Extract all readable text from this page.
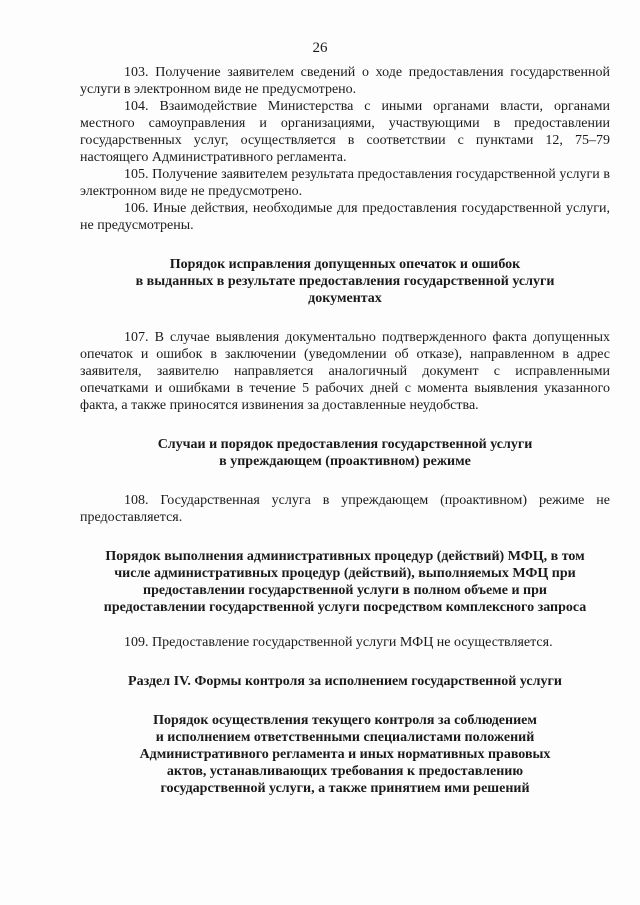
26

103. Получение заявителем сведений о ходе предоставления государственной услуги в электронном виде не предусмотрено.

104. Взаимодействие Министерства с иными органами власти, органами местного самоуправления и организациями, участвующими в предоставлении государственных услуг, осуществляется в соответствии с пунктами 12, 75–79 настоящего Административного регламента.

105. Получение заявителем результата предоставления государственной услуги в электронном виде не предусмотрено.

106. Иные действия, необходимые для предоставления государственной услуги, не предусмотрены.

Порядок исправления допущенных опечаток и ошибок
в выданных в результате предоставления государственной услуги
документах

107. В случае выявления документально подтвержденного факта допущенных опечаток и ошибок в заключении (уведомлении об отказе), направленном в адрес заявителя, заявителю направляется аналогичный документ с исправленными опечатками и ошибками в течение 5 рабочих дней с момента выявления указанного факта, а также приносятся извинения за доставленные неудобства.

Случаи и порядок предоставления государственной услуги
в упреждающем (проактивном) режиме

108. Государственная услуга в упреждающем (проактивном) режиме не предоставляется.

Порядок выполнения административных процедур (действий) МФЦ, в том
числе административных процедур (действий), выполняемых МФЦ при
предоставлении государственной услуги в полном объеме и при
предоставлении государственной услуги посредством комплексного запроса

109. Предоставление государственной услуги МФЦ не осуществляется.

Раздел IV. Формы контроля за исполнением государственной услуги
Порядок осуществления текущего контроля за соблюдением
и исполнением ответственными специалистами положений
Административного регламента и иных нормативных правовых
актов, устанавливающих требования к предоставлению
государственной услуги, а также принятием ими решений
